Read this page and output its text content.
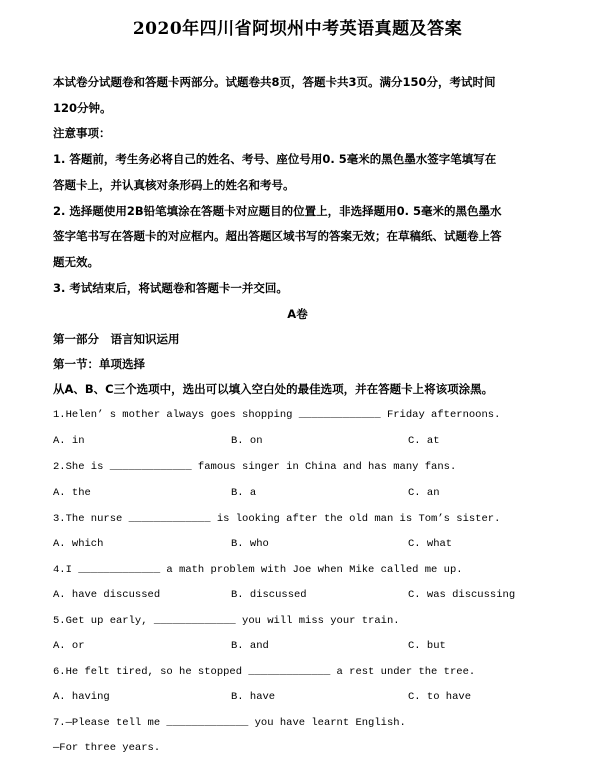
2020年四川省阿坝州中考英语真题及答案
本试卷分试题卷和答题卡两部分。试题卷共8页，答题卡共3页。满分150分，考试时间
120分钟。
注意事项：
1. 答题前，考生务必将自己的姓名、考号、座位号用0. 5毫米的黑色墨水签字笔填写在
答题卡上，并认真核对条形码上的姓名和考号。
2. 选择题使用2B铅笔填涂在答题卡对应题目的位置上，非选择题用0. 5毫米的黑色墨水
签字笔书写在答题卡的对应框内。超出答题区域书写的答案无效；在草稿纸、试题卷上答
题无效。
3. 考试结束后，将试题卷和答题卡一并交回。
A卷
第一部分　语言知识运用
第一节：单项选择
从A、B、C三个选项中，选出可以填入空白处的最佳选项，并在答题卡上将该项涂黑。
1.Helen’ s mother always goes shopping _____________ Friday afternoons.
A. in	B. on	C. at
2.She is _____________ famous singer in China and has many fans.
A. the	B. a	C. an
3.The nurse _____________ is looking after the old man is Tom’s sister.
A. which	B. who	C. what
4.I _____________ a math problem with Joe when Mike called me up.
A. have discussed	B. discussed	C. was discussing
5.Get up early, _____________ you will miss your train.
A. or	B. and	C. but
6.He felt tired, so he stopped _____________ a rest under the tree.
A. having	B. have	C. to have
7.—Please tell me _____________ you have learnt English.
—For three years.
